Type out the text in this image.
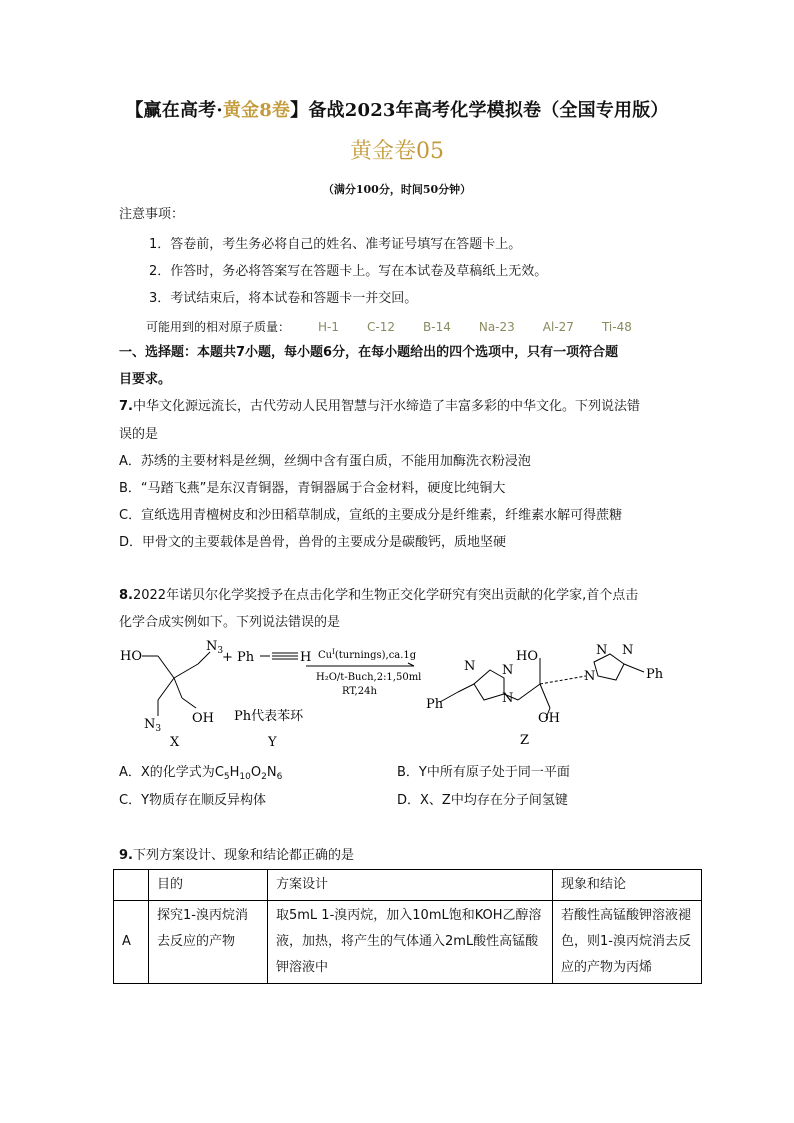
【赢在高考·黄金8卷】备战2023年高考化学模拟卷（全国专用版）
黄金卷05
（满分100分，时间50分钟）
注意事项：
1．答卷前，考生务必将自己的姓名、准考证号填写在答题卡上。
2．作答时，务必将答案写在答题卡上。写在本试卷及草稿纸上无效。
3．考试结束后，将本试卷和答题卡一并交回。
可能用到的相对原子质量： H-1 C-12 B-14 Na-23 Al-27 Ti-48
一、选择题：本题共7小题，每小题6分，在每小题给出的四个选项中，只有一项符合题
目要求。
7.中华文化源远流长，古代劳动人民用智慧与汗水缔造了丰富多彩的中华文化。下列说法错
误的是
A．苏绣的主要材料是丝绸，丝绸中含有蛋白质，不能用加酶洗衣粉浸泡
B．“马踏飞燕”是东汉青铜器，青铜器属于合金材料，硬度比纯铜大
C．宣纸选用青檀树皮和沙田稻草制成，宣纸的主要成分是纤维素，纤维素水解可得蔗糖
D．甲骨文的主要载体是兽骨，兽骨的主要成分是碳酸钙，质地坚硬
8.2022年诺贝尔化学奖授予在点击化学和生物正交化学研究有突出贡献的化学家,首个点击
化学合成实例如下。下列说法错误的是
HO
$N_3$
$N_3$
OH
X
+ Ph	H
Ph代表苯环
Y
$Cu^I(turnings),ca.1g$
H₂O/t-Buch,2:1,50ml
RT,24h
N N
N
Ph
HO
OH
N
N N
Ph
Z
A．X的化学式为$C_5H_{10}O_2N_6$	B．Y中所有原子处于同一平面
C．Y物质存在顺反异构体	D．X、Z中均存在分子间氢键
9.下列方案设计、现象和结论都正确的是
	目的	方案设计	现象和结论
A	探究1-溴丙烷消去反应的产物	取5mL 1-溴丙烷，加入10mL饱和KOH乙醇溶液，加热，将产生的气体通入2mL酸性高锰酸钾溶液中	若酸性高锰酸钾溶液褪色，则1-溴丙烷消去反应的产物为丙烯
